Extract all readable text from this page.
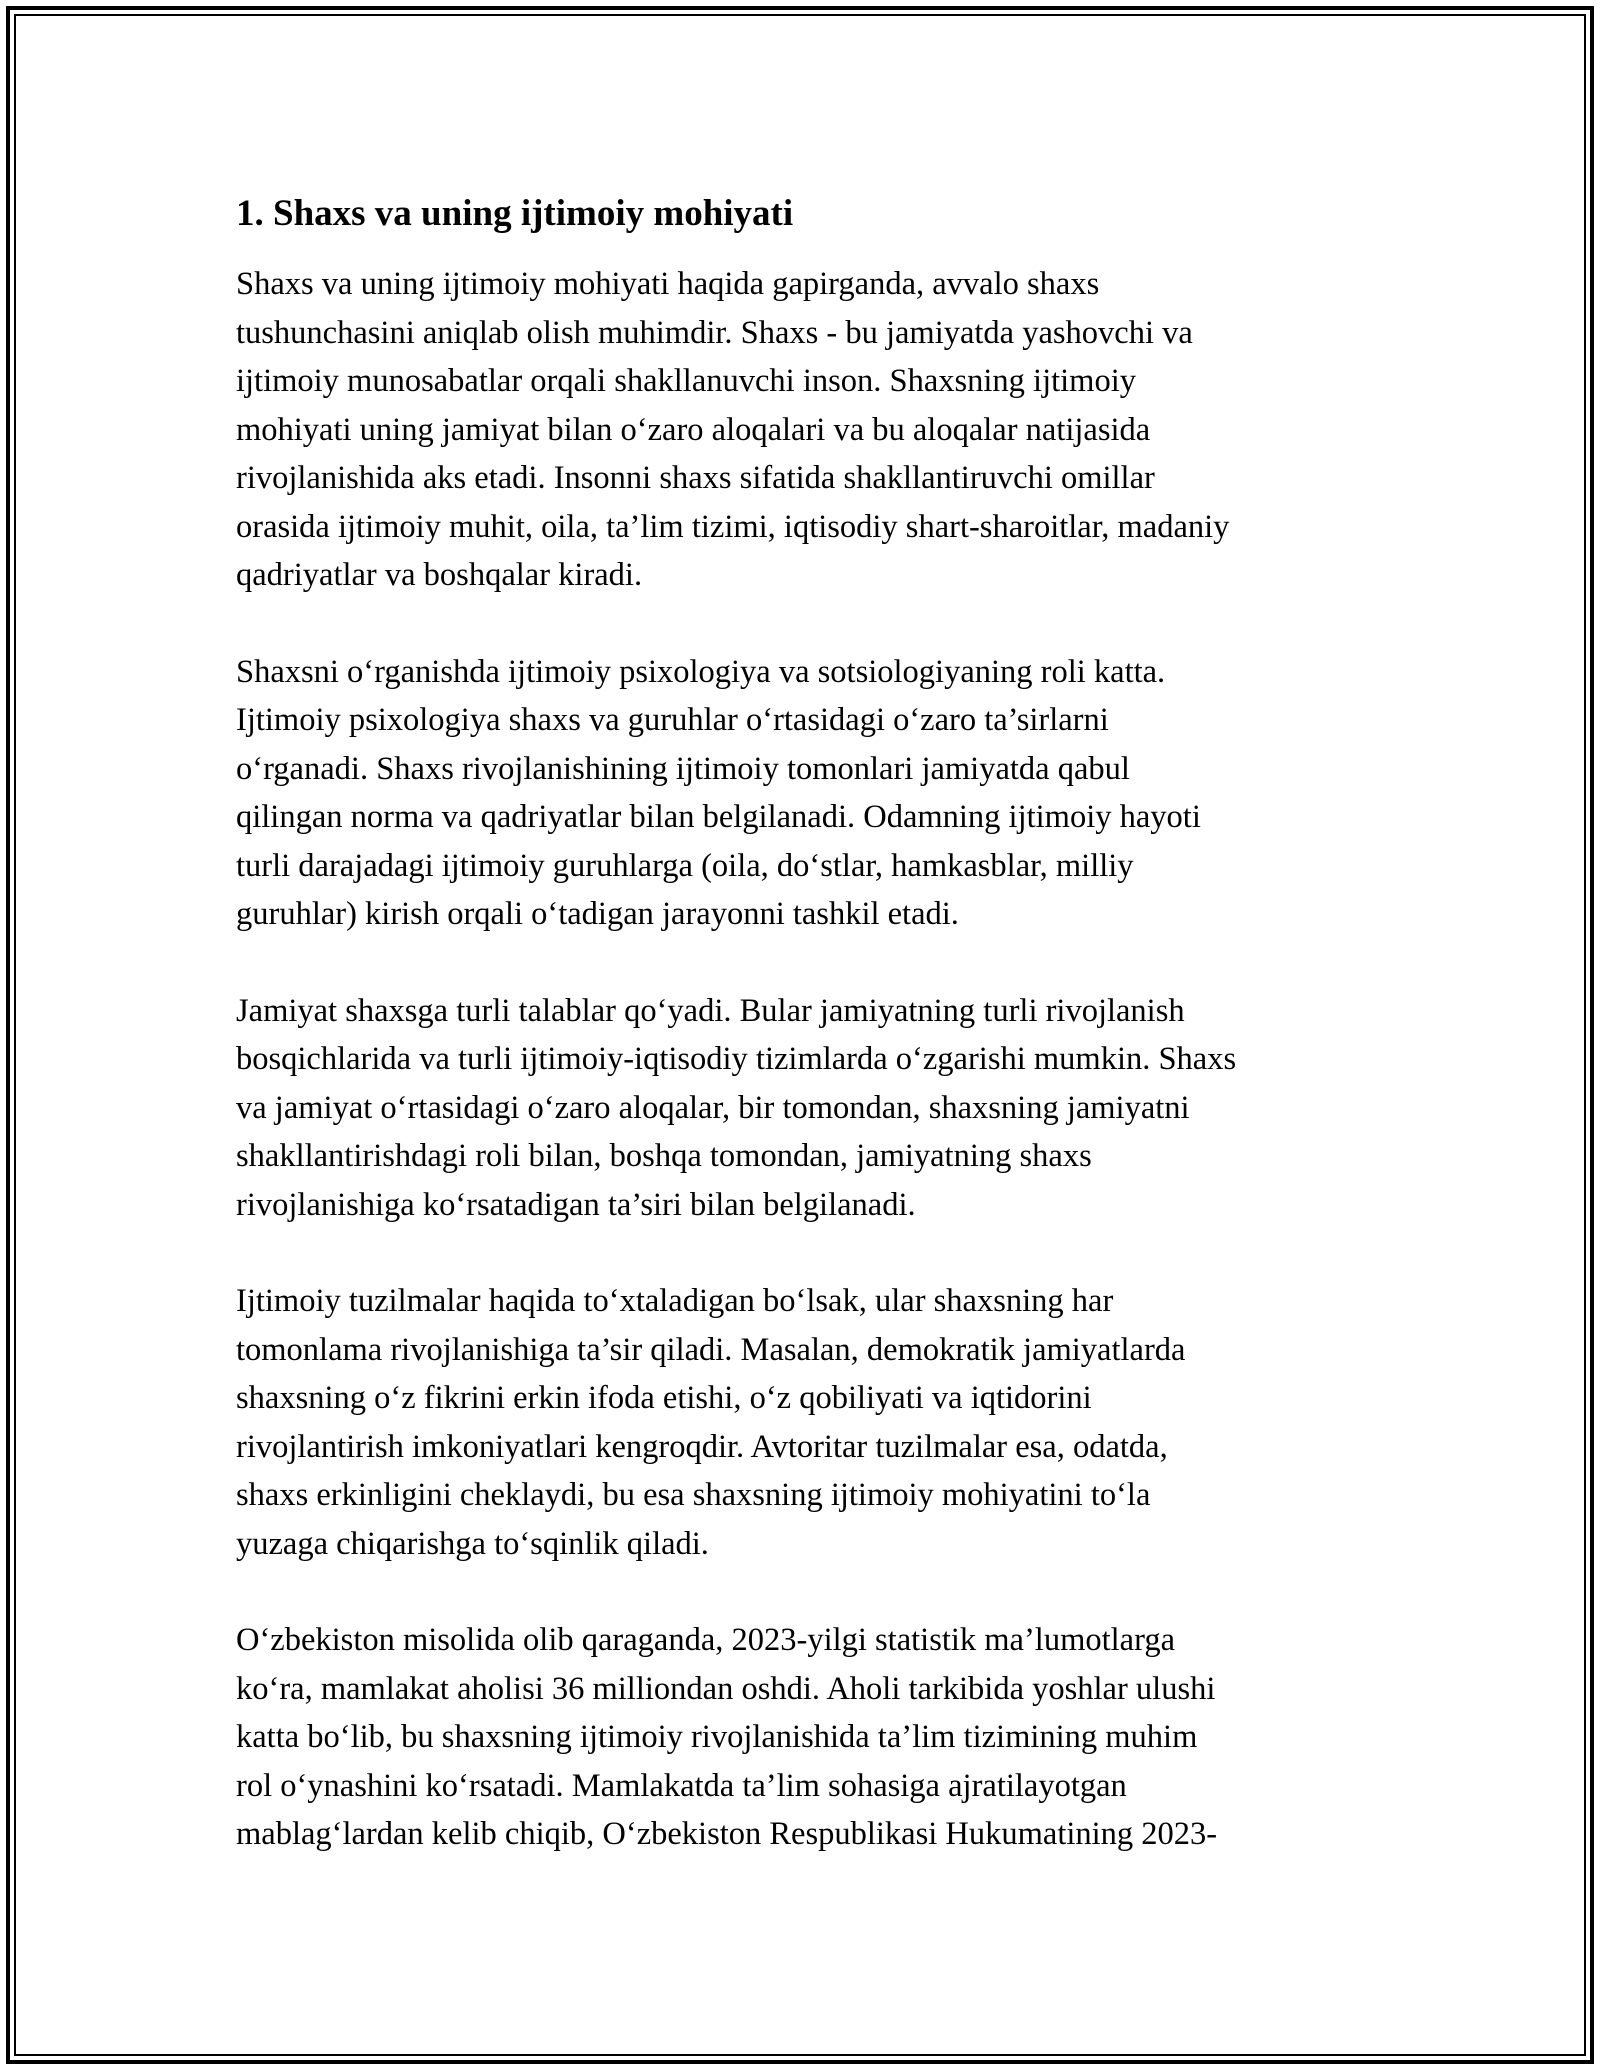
1. Shaxs va uning ijtimoiy mohiyati

Shaxs va uning ijtimoiy mohiyati haqida gapirganda, avvalo shaxs
tushunchasini aniqlab olish muhimdir. Shaxs - bu jamiyatda yashovchi va
ijtimoiy munosabatlar orqali shakllanuvchi inson. Shaxsning ijtimoiy
mohiyati uning jamiyat bilan o‘zaro aloqalari va bu aloqalar natijasida
rivojlanishida aks etadi. Insonni shaxs sifatida shakllantiruvchi omillar
orasida ijtimoiy muhit, oila, ta’lim tizimi, iqtisodiy shart-sharoitlar, madaniy
qadriyatlar va boshqalar kiradi.

Shaxsni o‘rganishda ijtimoiy psixologiya va sotsiologiyaning roli katta.
Ijtimoiy psixologiya shaxs va guruhlar o‘rtasidagi o‘zaro ta’sirlarni
o‘rganadi. Shaxs rivojlanishining ijtimoiy tomonlari jamiyatda qabul
qilingan norma va qadriyatlar bilan belgilanadi. Odamning ijtimoiy hayoti
turli darajadagi ijtimoiy guruhlarga (oila, do‘stlar, hamkasblar, milliy
guruhlar) kirish orqali o‘tadigan jarayonni tashkil etadi.

Jamiyat shaxsga turli talablar qo‘yadi. Bular jamiyatning turli rivojlanish
bosqichlarida va turli ijtimoiy-iqtisodiy tizimlarda o‘zgarishi mumkin. Shaxs
va jamiyat o‘rtasidagi o‘zaro aloqalar, bir tomondan, shaxsning jamiyatni
shakllantirishdagi roli bilan, boshqa tomondan, jamiyatning shaxs
rivojlanishiga ko‘rsatadigan ta’siri bilan belgilanadi.

Ijtimoiy tuzilmalar haqida to‘xtaladigan bo‘lsak, ular shaxsning har
tomonlama rivojlanishiga ta’sir qiladi. Masalan, demokratik jamiyatlarda
shaxsning o‘z fikrini erkin ifoda etishi, o‘z qobiliyati va iqtidorini
rivojlantirish imkoniyatlari kengroqdir. Avtoritar tuzilmalar esa, odatda,
shaxs erkinligini cheklaydi, bu esa shaxsning ijtimoiy mohiyatini to‘la
yuzaga chiqarishga to‘sqinlik qiladi.

O‘zbekiston misolida olib qaraganda, 2023-yilgi statistik ma’lumotlarga
ko‘ra, mamlakat aholisi 36 milliondan oshdi. Aholi tarkibida yoshlar ulushi
katta bo‘lib, bu shaxsning ijtimoiy rivojlanishida ta’lim tizimining muhim
rol o‘ynashini ko‘rsatadi. Mamlakatda ta’lim sohasiga ajratilayotgan
mablag‘lardan kelib chiqib, O‘zbekiston Respublikasi Hukumatining 2023-
